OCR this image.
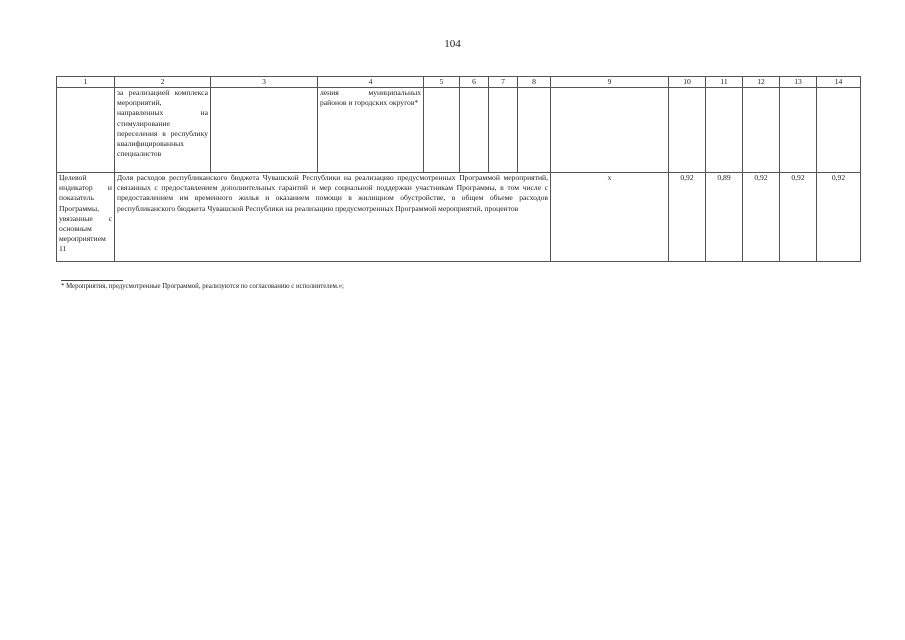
104
1	2	3	4	5	6	7	8	9	10	11	12	13	14
	за реализацией комплекса мероприятий, направленных на стимулирование переселения в республику квалифицированных специалистов		ления муниципальных районов и городских округов*										
Целевой индикатор и показатель Программы, увязанные с основным мероприятием 11	Доля расходов республиканского бюджета Чувашской Республики на реализацию предусмотренных Программой мероприятий, связанных с предоставлением дополнительных гарантий и мер социальной поддержки участникам Программы, в том числе с предоставлением им временного жилья и оказанием помощи в жилищном обустройстве, в общем объеме расходов республиканского бюджета Чувашской Республики на реализацию предусмотренных Программой мероприятий, процентов							х	0,92	0,89	0,92	0,92	0,92
* Мероприятия, предусмотренные Программой, реализуются по согласованию с исполнителем.»;
